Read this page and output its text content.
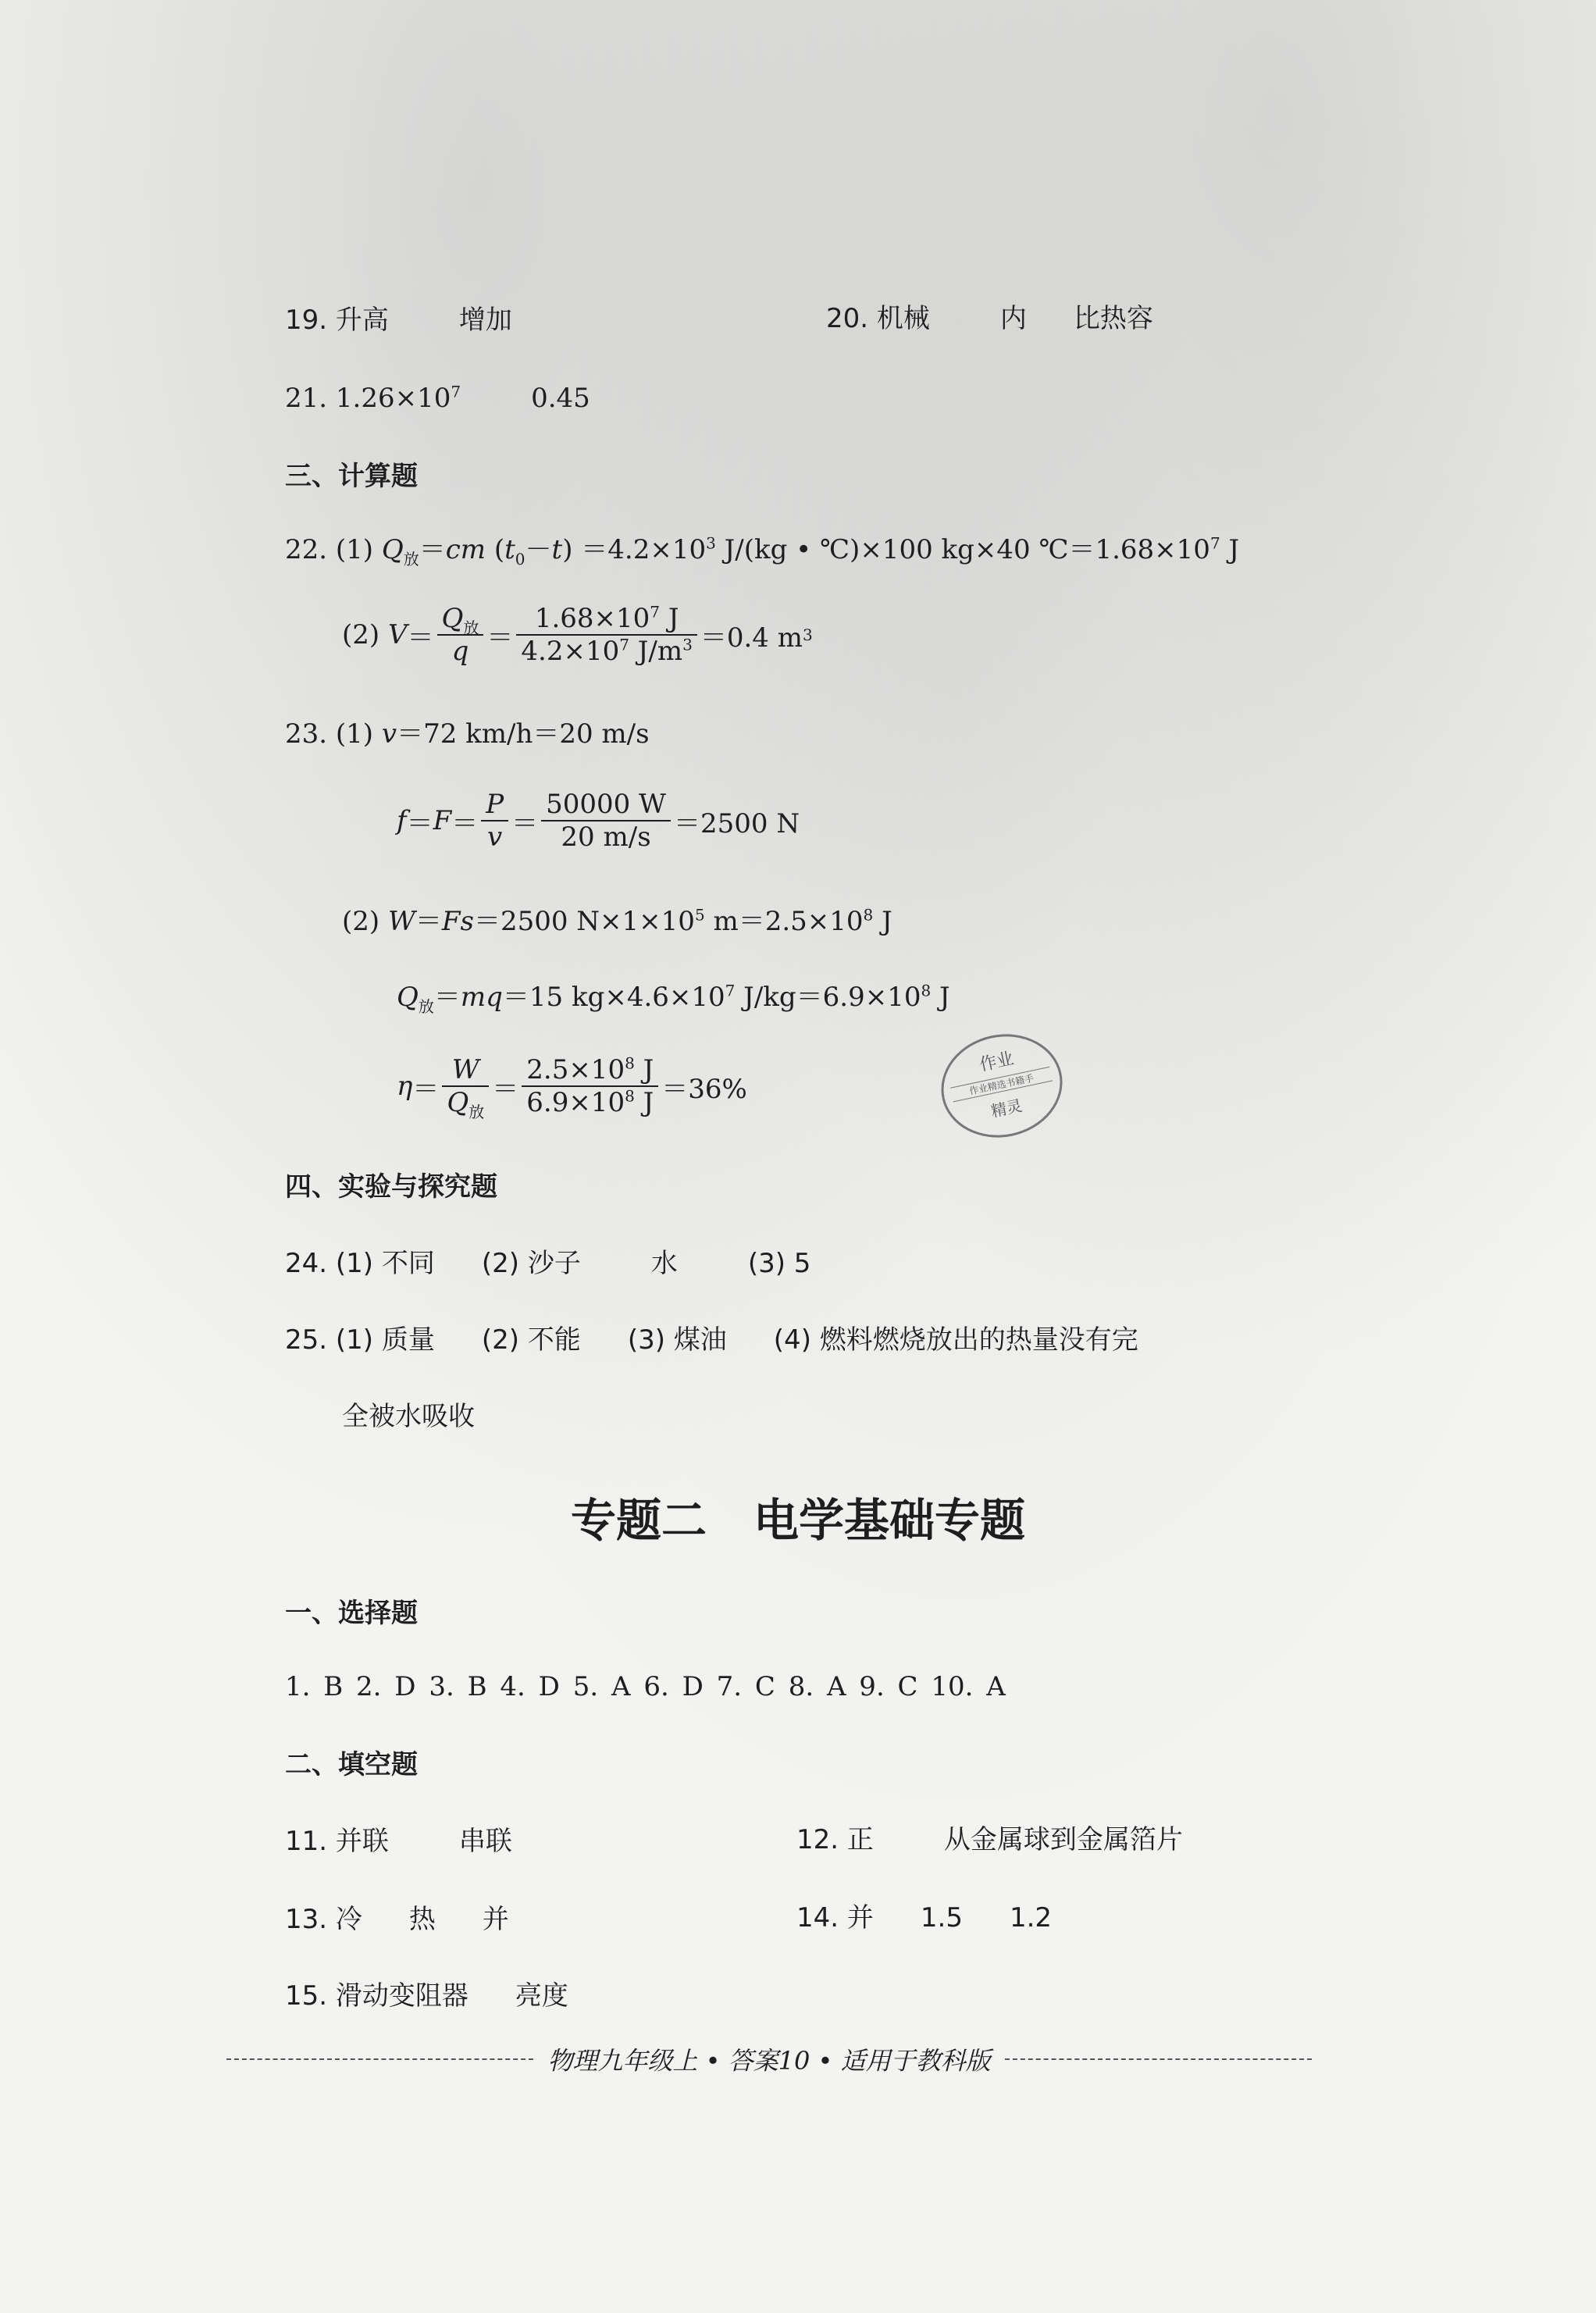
19. 升高	增加	20. 机械	内 比热容
21. $1.26\times 10^7$	0.45
三、计算题
22. (1) $Q_放=cm$ $(t_0-t) =4.2\times 10^3$ J/(kg • ℃)×100 kg×40 $℃=1.68\times 10^7$ J
(2) $V = \frac{Q_放}{q} = \frac{1.68\times 10^7 J}{4.2\times 10^7 J/m^3} =0.4$ m 3
23. (1) v＝72 km/h＝20 m/s
$f = F = \frac{P}{v} = \frac{50000 W}{20 m/s} =2500$ N
(2) W＝Fs＝2500 $N\times 1\times 10^5$ $m=2.5\times 10^8$ J
$Q_放=mq=15$ $kg\times 4.6\times 10^7$ $J/kg=6.9\times 10^8$ J
$\eta = \frac{W}{Q_放} = \frac{2.5\times 10^8 J}{6.9\times 10^8 J} =36\%$
作业
作业精选书籍手
精灵
四、实验与探究题
24. (1) 不同 (2) 沙子	水	(3) 5
25. (1) 质量 (2) 不能 (3) 煤油 (4) 燃料燃烧放出的热量没有完
全被水吸收
专题二 电学基础专题
一、选择题
1. B 2. D 3. B 4. D 5. A 6. D 7. C 8. A 9. C 10. A
二、填空题
11. 并联	串联	12. 正	从金属球到金属箔片
13. 冷 热 并	14. 并 1.5 1.2
15. 滑动变阻器 亮度
物理九年级上 • 答案10 • 适用于教科版
